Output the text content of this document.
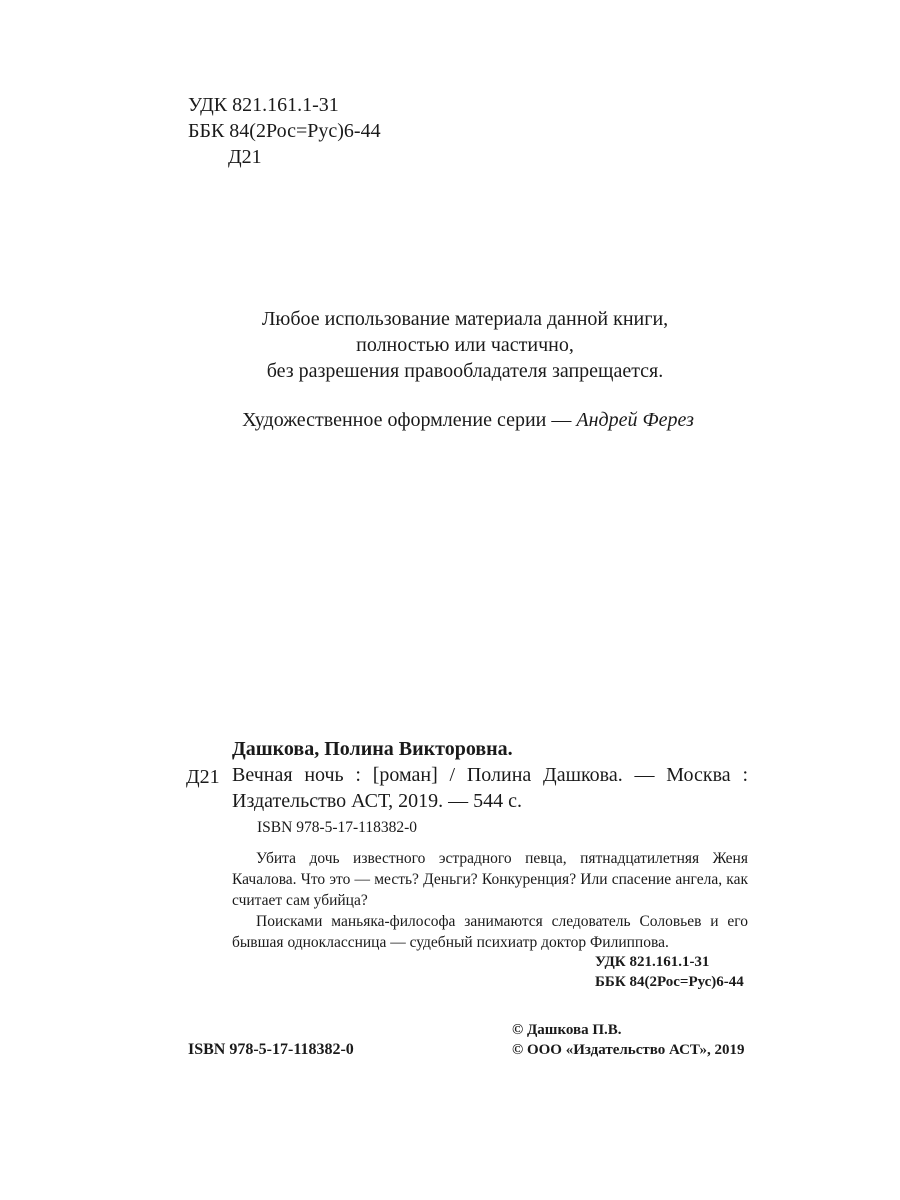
УДК 821.161.1-31
ББК 84(2Рос=Рус)6-44
Д21
Любое использование материала данной книги,
полностью или частично,
без разрешения правообладателя запрещается.
Художественное оформление серии — Андрей Ферез
Дашкова, Полина Викторовна.
Д21 Вечная ночь : [роман] / Полина Дашкова. — Москва :
Издательство АСТ, 2019. — 544 с.
ISBN 978-5-17-118382-0

Убита дочь известного эстрадного певца, пятнадцатилетняя Женя Качалова. Что это — месть? Деньги? Конкуренция? Или спасение ангела, как считает сам убийца?

Поисками маньяка-философа занимаются следователь Соловьев и его бывшая одноклассница — судебный психиатр доктор Филиппова.

УДК 821.161.1-31
ББК 84(2Рос=Рус)6-44
ISBN 978-5-17-118382-0
© Дашкова П.В.
© ООО «Издательство АСТ», 2019
